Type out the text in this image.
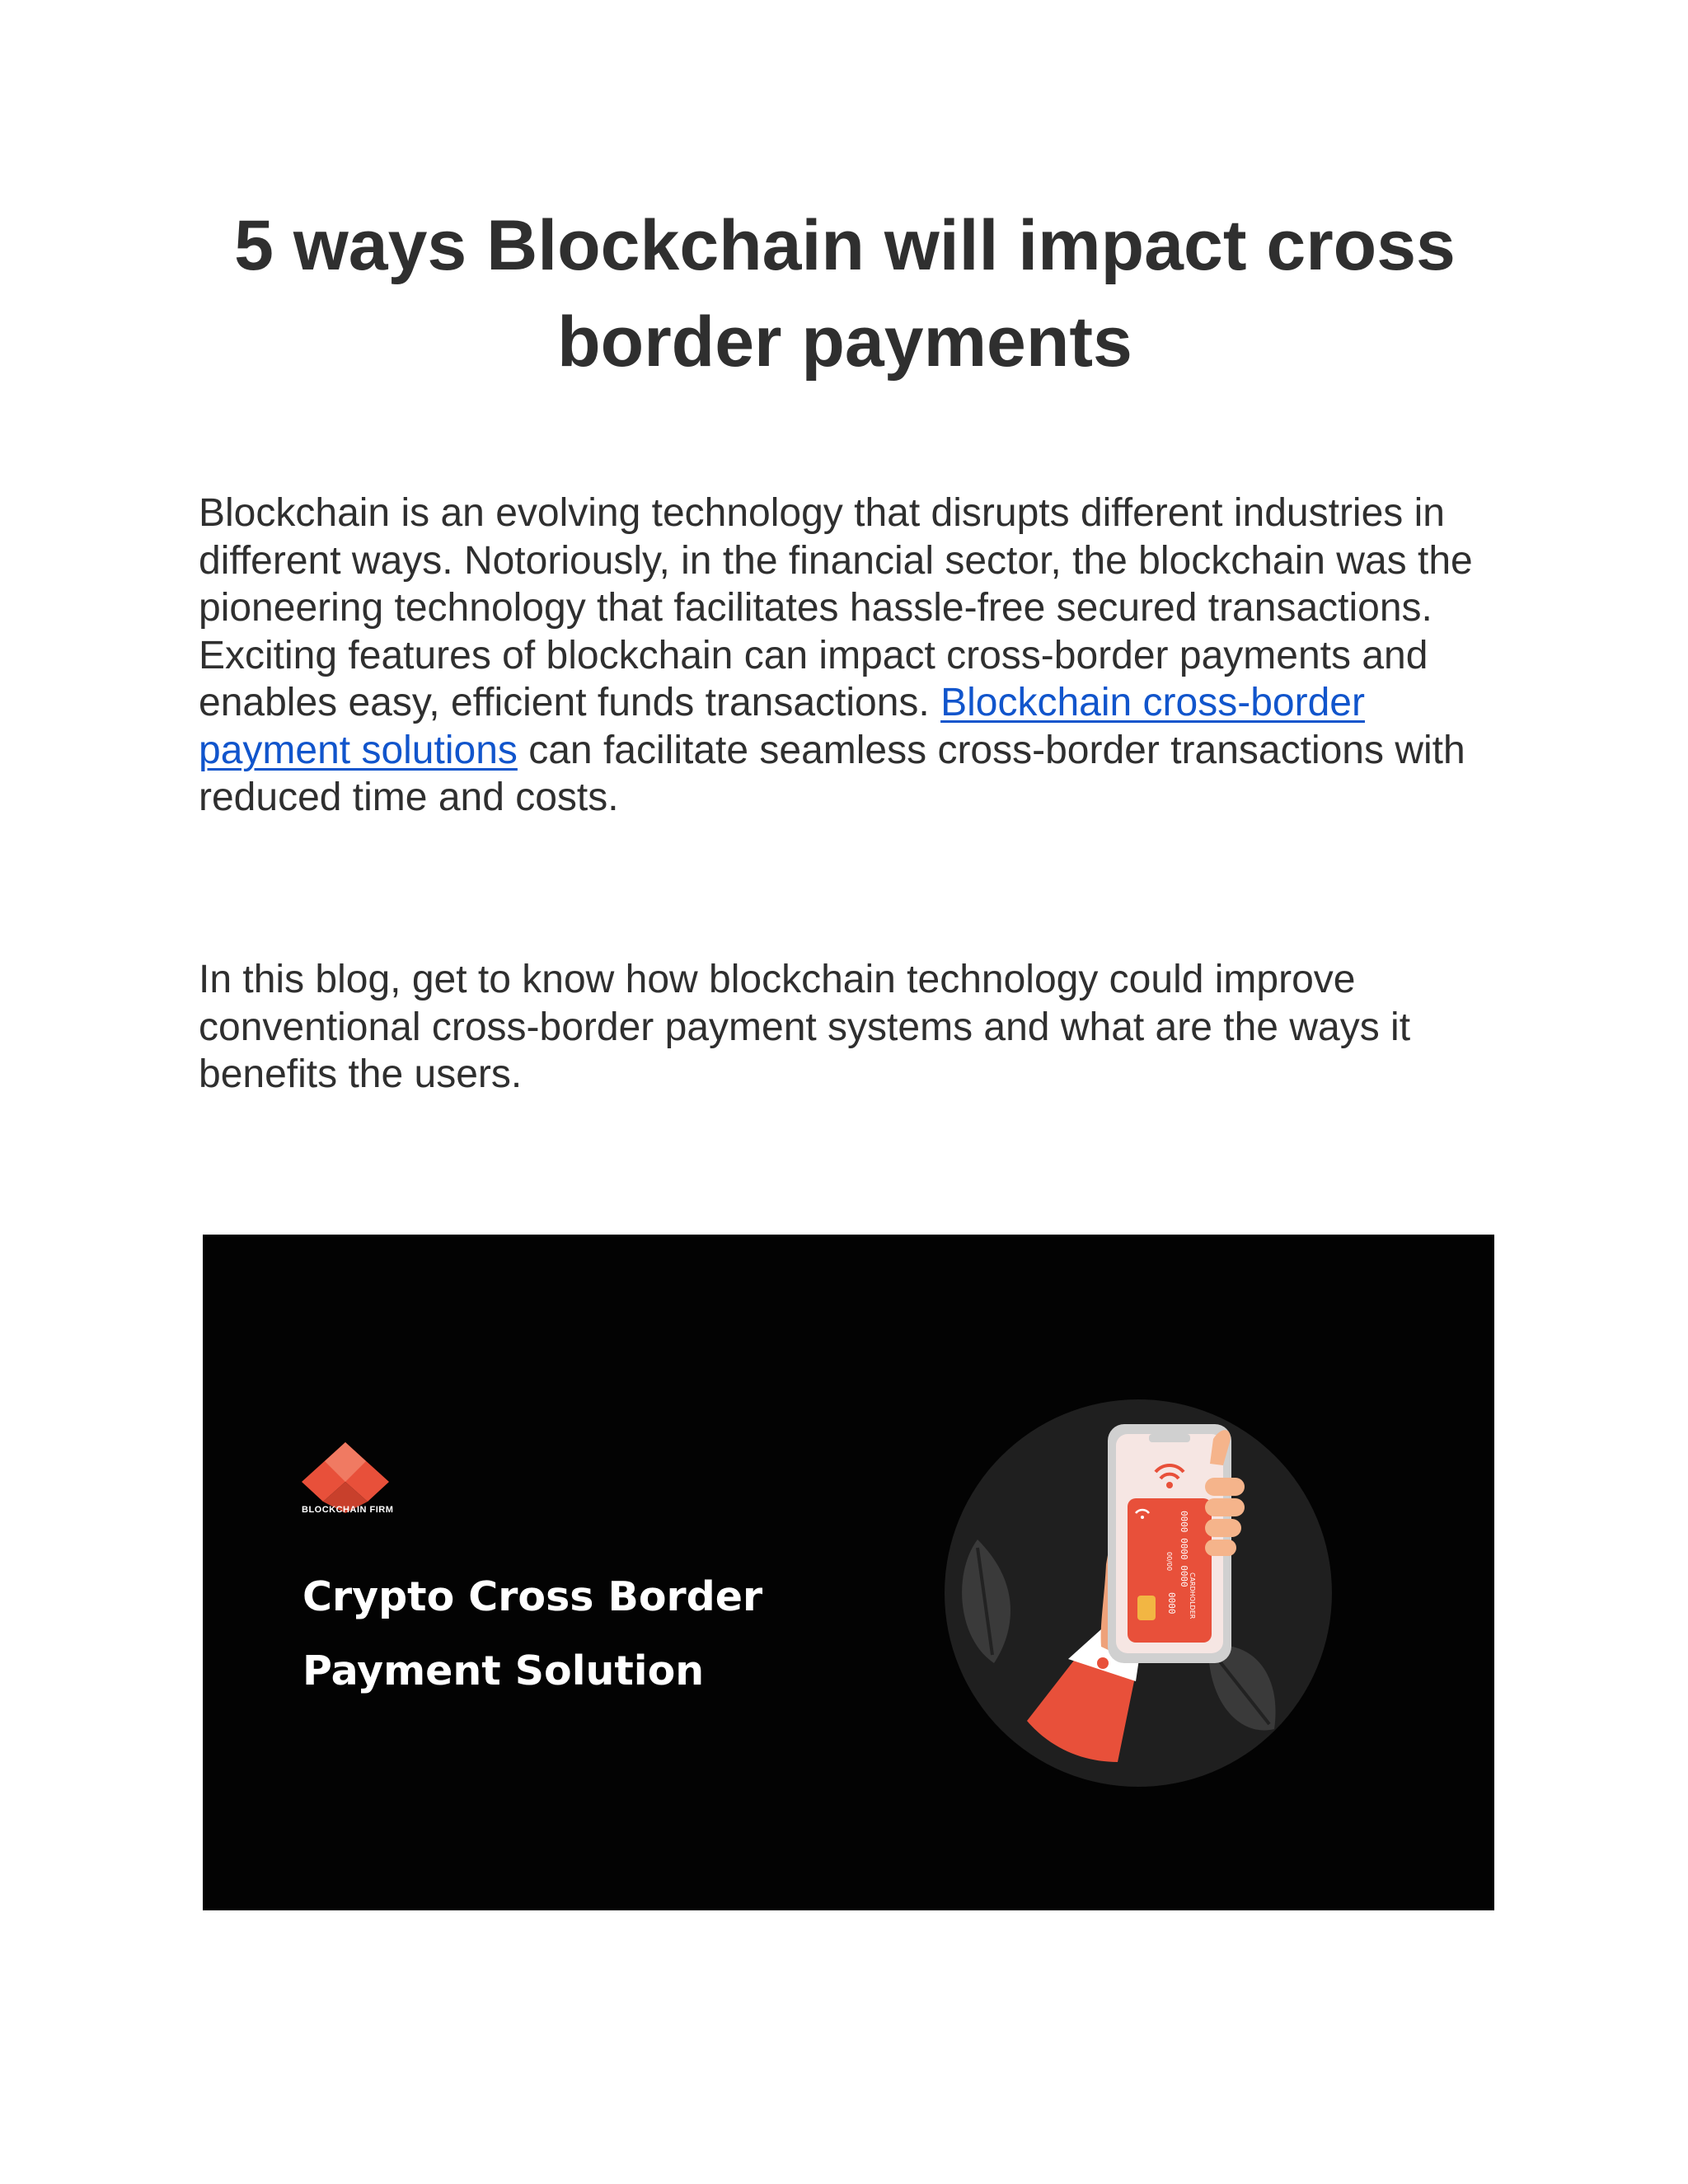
5 ways Blockchain will impact cross border payments

Blockchain is an evolving technology that disrupts different industries in different ways. Notoriously, in the financial sector, the blockchain was the pioneering technology that facilitates hassle-free secured transactions. Exciting features of blockchain can impact cross-border payments and enables easy, efficient funds transactions. Blockchain cross-border payment solutions can facilitate seamless cross-border transactions with reduced time and costs.

In this blog, get to know how blockchain technology could improve conventional cross-border payment systems and what are the ways it benefits the users.

BLOCKCHAIN FIRM
Crypto Cross Border
Payment Solution
0000 0000 0000
0000
00/00
CARDHOLDER
